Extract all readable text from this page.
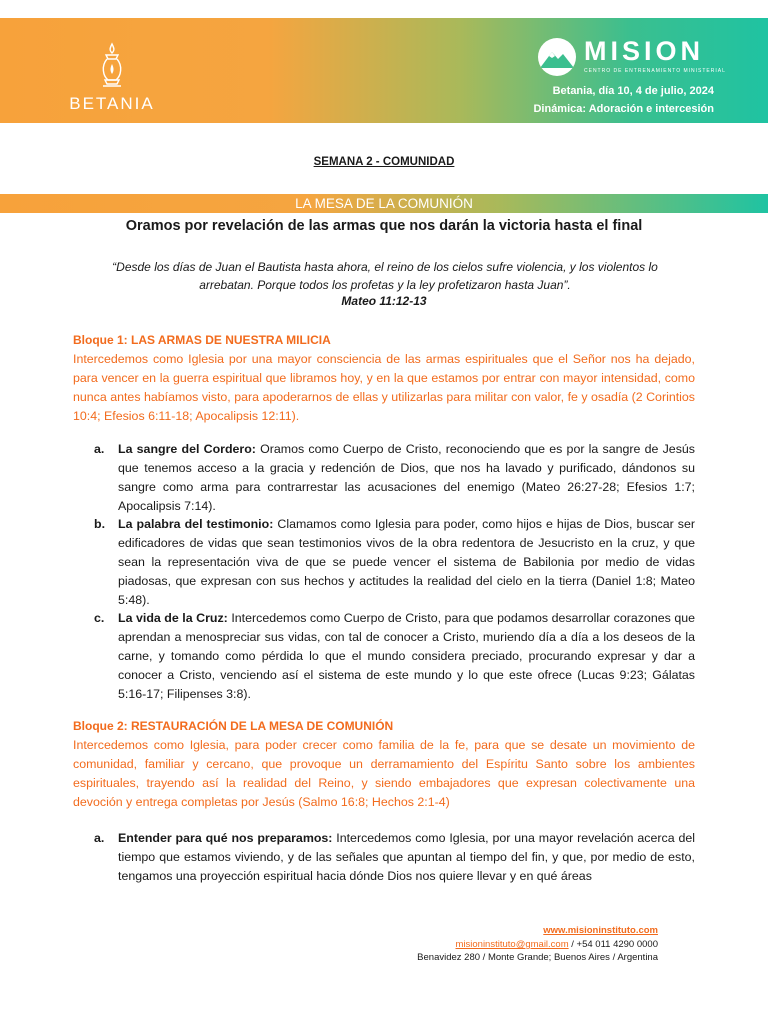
BETANIA
MISION
CENTRO DE ENTRENAMIENTO MINISTERIAL
Betania, día 10, 4 de julio, 2024
Dinámica: Adoración e intercesión
SEMANA 2 - COMUNIDAD
LA MESA DE LA COMUNIÓN
Oramos por revelación de las armas que nos darán la victoria hasta el final
“Desde los días de Juan el Bautista hasta ahora, el reino de los cielos sufre violencia, y los violentos lo arrebatan. Porque todos los profetas y la ley profetizaron hasta Juan”.
Mateo 11:12-13
Bloque 1: LAS ARMAS DE NUESTRA MILICIA
Intercedemos como Iglesia por una mayor consciencia de las armas espirituales que el Señor nos ha dejado, para vencer en la guerra espiritual que libramos hoy, y en la que estamos por entrar con mayor intensidad, como nunca antes habíamos visto, para apoderarnos de ellas y utilizarlas para militar con valor, fe y osadía (2 Corintios 10:4; Efesios 6:11-18; Apocalipsis 12:11).
a. La sangre del Cordero: Oramos como Cuerpo de Cristo, reconociendo que es por la sangre de Jesús que tenemos acceso a la gracia y redención de Dios, que nos ha lavado y purificado, dándonos su sangre como arma para contrarrestar las acusaciones del enemigo (Mateo 26:27-28; Efesios 1:7; Apocalipsis 7:14).
b. La palabra del testimonio: Clamamos como Iglesia para poder, como hijos e hijas de Dios, buscar ser edificadores de vidas que sean testimonios vivos de la obra redentora de Jesucristo en la cruz, y que sean la representación viva de que se puede vencer el sistema de Babilonia por medio de vidas piadosas, que expresan con sus hechos y actitudes la realidad del cielo en la tierra (Daniel 1:8; Mateo 5:48).
c. La vida de la Cruz: Intercedemos como Cuerpo de Cristo, para que podamos desarrollar corazones que aprendan a menospreciar sus vidas, con tal de conocer a Cristo, muriendo día a día a los deseos de la carne, y tomando como pérdida lo que el mundo considera preciado, procurando expresar y dar a conocer a Cristo, venciendo así el sistema de este mundo y lo que este ofrece (Lucas 9:23; Gálatas 5:16-17; Filipenses 3:8).
Bloque 2: RESTAURACIÓN DE LA MESA DE COMUNIÓN
Intercedemos como Iglesia, para poder crecer como familia de la fe, para que se desate un movimiento de comunidad, familiar y cercano, que provoque un derramamiento del Espíritu Santo sobre los ambientes espirituales, trayendo así la realidad del Reino, y siendo embajadores que expresan colectivamente una devoción y entrega completas por Jesús (Salmo 16:8; Hechos 2:1-4)
a. Entender para qué nos preparamos: Intercedemos como Iglesia, por una mayor revelación acerca del tiempo que estamos viviendo, y de las señales que apuntan al tiempo del fin, y que, por medio de esto, tengamos una proyección espiritual hacia dónde Dios nos quiere llevar y en qué áreas
www.misioninstituto.com
misioninstituto@gmail.com / +54 011 4290 0000
Benavidez 280 / Monte Grande; Buenos Aires / Argentina
